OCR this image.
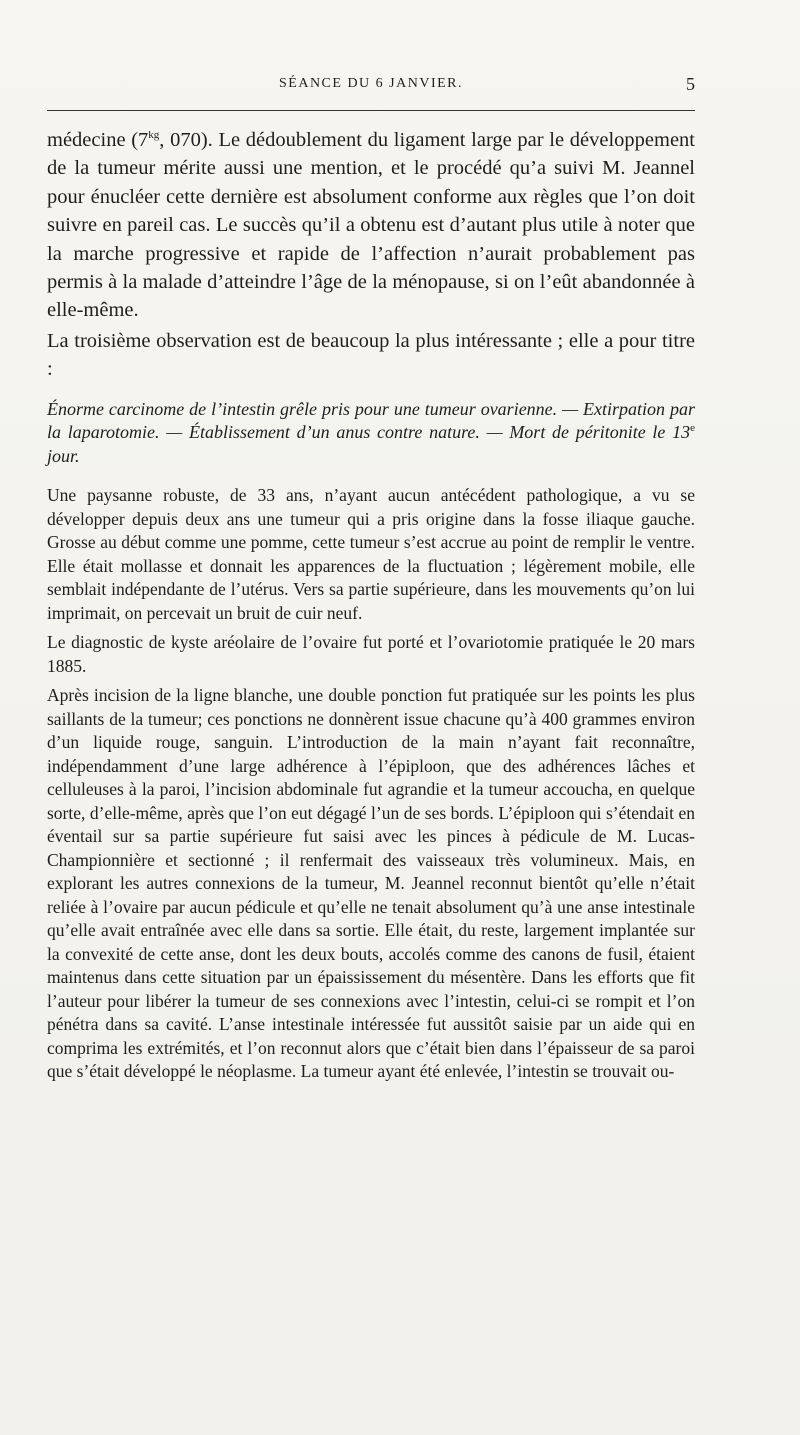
SÉANCE DU 6 JANVIER.	5

médecine ($7^{kg}$, 070). Le dédoublement du ligament large par le développement de la tumeur mérite aussi une mention, et le procédé qu’a suivi M. Jeannel pour énucléer cette dernière est absolument conforme aux règles que l’on doit suivre en pareil cas. Le succès qu’il a obtenu est d’autant plus utile à noter que la marche progressive et rapide de l’affection n’aurait probablement pas permis à la malade d’atteindre l’âge de la ménopause, si on l’eût abandonnée à elle-même.

La troisième observation est de beaucoup la plus intéressante ; elle a pour titre :

Énorme carcinome de l’intestin grêle pris pour une tumeur ovarienne. — Extirpation par la laparotomie. — Établissement d’un anus contre nature. — Mort de péritonite le 13e jour.

Une paysanne robuste, de 33 ans, n’ayant aucun antécédent pathologique, a vu se développer depuis deux ans une tumeur qui a pris origine dans la fosse iliaque gauche. Grosse au début comme une pomme, cette tumeur s’est accrue au point de remplir le ventre. Elle était mollasse et donnait les apparences de la fluctuation ; légèrement mobile, elle semblait indépendante de l’utérus. Vers sa partie supérieure, dans les mouvements qu’on lui imprimait, on percevait un bruit de cuir neuf.

Le diagnostic de kyste aréolaire de l’ovaire fut porté et l’ovariotomie pratiquée le 20 mars 1885.

Après incision de la ligne blanche, une double ponction fut pratiquée sur les points les plus saillants de la tumeur; ces ponctions ne donnèrent issue chacune qu’à 400 grammes environ d’un liquide rouge, sanguin. L’introduction de la main n’ayant fait reconnaître, indépendamment d’une large adhérence à l’épiploon, que des adhérences lâches et celluleuses à la paroi, l’incision abdominale fut agrandie et la tumeur accoucha, en quelque sorte, d’elle-même, après que l’on eut dégagé l’un de ses bords. L’épiploon qui s’étendait en éventail sur sa partie supérieure fut saisi avec les pinces à pédicule de M. Lucas-Championnière et sectionné ; il renfermait des vaisseaux très volumineux. Mais, en explorant les autres connexions de la tumeur, M. Jeannel reconnut bientôt qu’elle n’était reliée à l’ovaire par aucun pédicule et qu’elle ne tenait absolument qu’à une anse intestinale qu’elle avait entraînée avec elle dans sa sortie. Elle était, du reste, largement implantée sur la convexité de cette anse, dont les deux bouts, accolés comme des canons de fusil, étaient maintenus dans cette situation par un épaississement du mésentère. Dans les efforts que fit l’auteur pour libérer la tumeur de ses connexions avec l’intestin, celui-ci se rompit et l’on pénétra dans sa cavité. L’anse intestinale intéressée fut aussitôt saisie par un aide qui en comprima les extrémités, et l’on reconnut alors que c’était bien dans l’épaisseur de sa paroi que s’était développé le néoplasme. La tumeur ayant été enlevée, l’intestin se trouvait ou-
